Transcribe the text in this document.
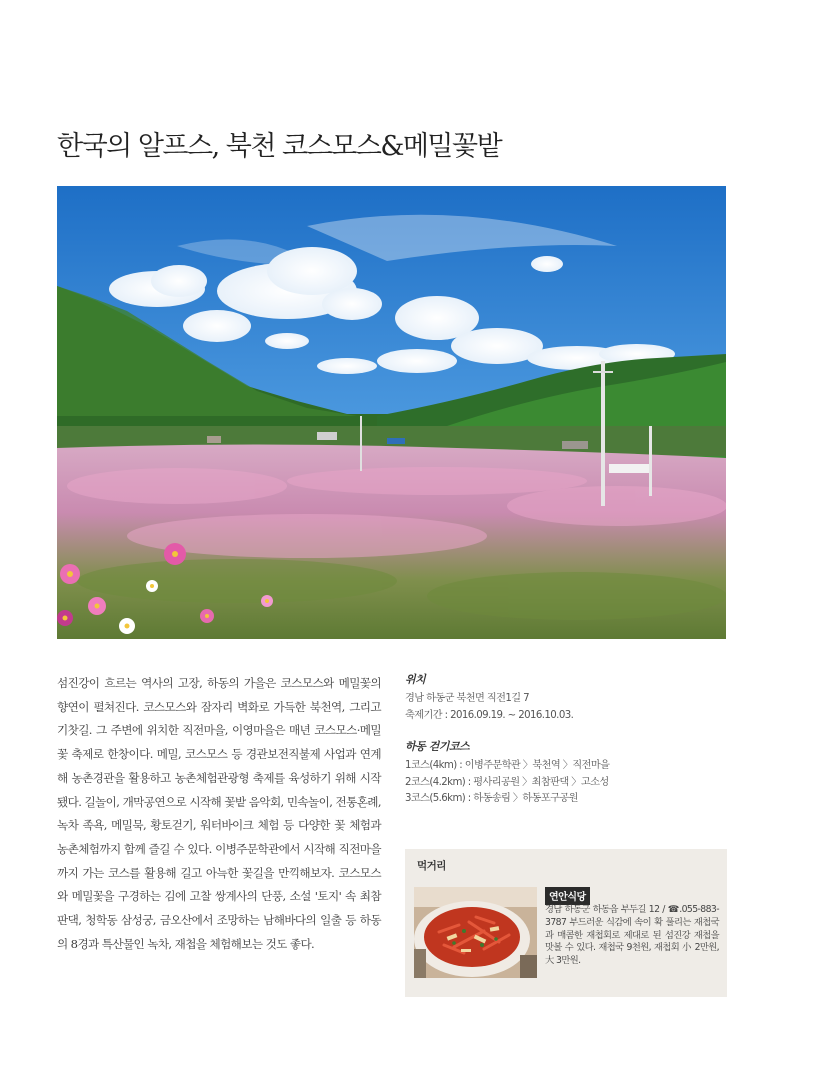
한국의 알프스, 북천 코스모스&메밀꽃밭

섬진강이 흐르는 역사의 고장, 하동의 가을은 코스모스와 메밀꽃의 향연이 펼쳐진다. 코스모스와 잠자리 벽화로 가득한 북천역, 그리고 기찻길. 그 주변에 위치한 직전마을, 이영마을은 매년 코스모스·메밀꽃 축제로 한창이다. 메밀, 코스모스 등 경관보전직불제 사업과 연계해 농촌경관을 활용하고 농촌체험관광형 축제를 육성하기 위해 시작됐다. 길놀이, 개막공연으로 시작해 꽃밭 음악회, 민속놀이, 전통혼례, 녹차 족욕, 메밀묵, 황토걷기, 워터바이크 체험 등 다양한 꽃 체험과 농촌체험까지 함께 즐길 수 있다. 이병주문학관에서 시작해 직전마을까지 가는 코스를 활용해 길고 아늑한 꽃길을 만끽해보자. 코스모스와 메밀꽃을 구경하는 김에 고찰 쌍계사의 단풍, 소설 '토지' 속 최참판댁, 청학동 삼성궁, 금오산에서 조망하는 남해바다의 일출 등 하동의 8경과 특산물인 녹차, 재첩을 체험해보는 것도 좋다.

위치
경남 하동군 북천면 직전1길 7
축제기간 : 2016.09.19. ~ 2016.10.03.
하동 걷기코스
1코스(4km) : 이병주문학관 〉북천역 〉직전마을
2코스(4.2km) : 평사리공원 〉최참판댁 〉고소성
3코스(5.6km) : 하동송림 〉하동포구공원
먹거리
연안식당
경남 하동군 하동읍 부두길 12 / ☎.055-883-3787 부드러운 식감에 속이 확 풀리는 재첩국과 매콤한 재첩회로 제대로 된 섬진강 재첩을 맛볼 수 있다. 재첩국 9천원, 재첩회 小 2만원, 大 3만원.
